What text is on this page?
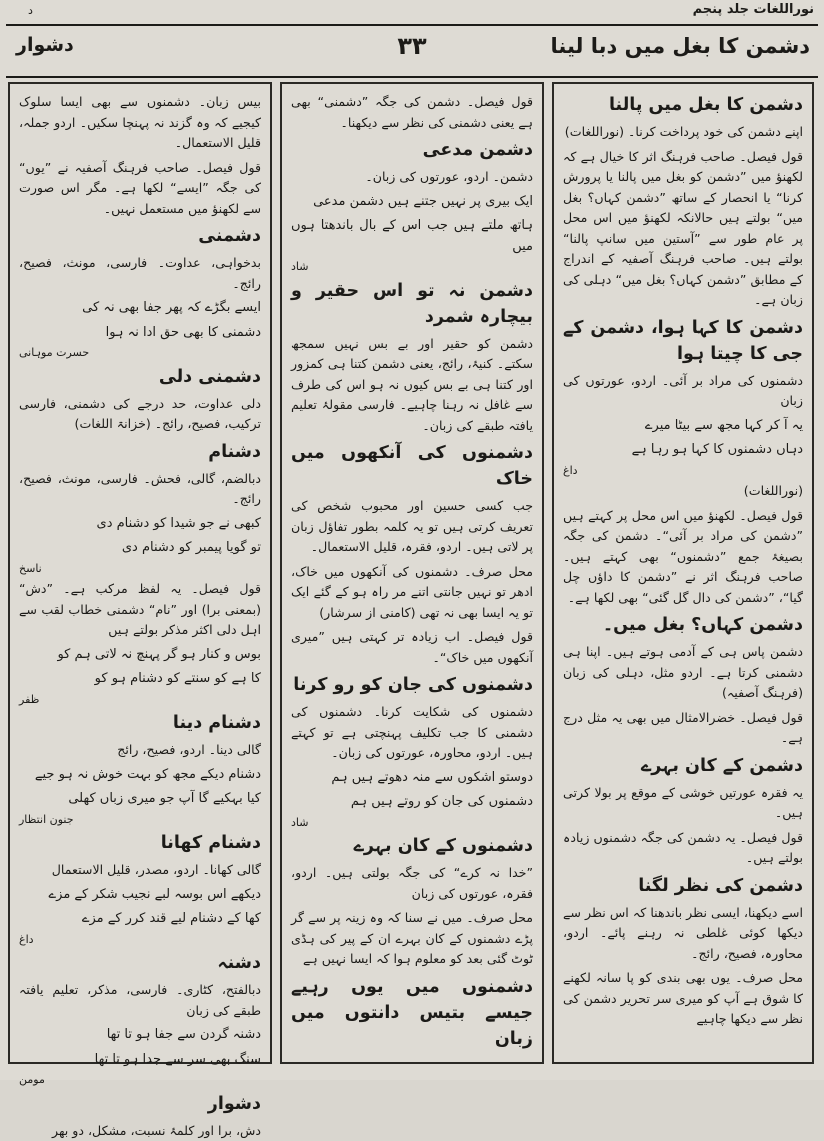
نوراللغات جلد پنجم
د
دشمن کا بغل میں دبا لینا
۳۳
دشوار

دشمن کا بغل میں پالنا

اپنے دشمن کی خود پرداخت کرنا۔ (نوراللغات)

قول فیصل۔ صاحب فرہنگ اثر کا خیال ہے کہ لکھنؤ میں ”دشمن کو بغل میں پالنا یا پرورش کرنا“ یا انحصار کے ساتھ ”دشمن کہاں؟ بغل میں“ بولتے ہیں حالانکہ لکھنؤ میں اس محل پر عام طور سے ”آستین میں سانپ پالنا“ بولتے ہیں۔ صاحب فرہنگ آصفیہ کے اندراج کے مطابق ”دشمن کہاں؟ بغل میں“ دہلی کی زبان ہے۔

دشمن کا کہا ہوا، دشمن کے جی کا چیتا ہوا

دشمنوں کی مراد بر آئی۔ اردو، عورتوں کی زبان

یہ آ کر کہا مجھ سے بیٹا میرے

دہاں دشمنوں کا کہا ہو رہا ہے

داغ

(نوراللغات)

قول فیصل۔ لکھنؤ میں اس محل پر کہتے ہیں ”دشمن کی مراد بر آئی“۔ دشمن کی جگہ بصیغۂ جمع ”دشمنوں“ بھی کہتے ہیں۔ صاحب فرہنگ اثر نے ”دشمن کا داؤں چل گیا“، ”دشمن کی دال گل گئی“ بھی لکھا ہے۔

دشمن کہاں؟ بغل میں۔

دشمن پاس ہی کے آدمی ہوتے ہیں۔ اپنا ہی دشمنی کرتا ہے۔ اردو مثل، دہلی کی زبان (فرہنگ آصفیہ)

قول فیصل۔ خضرالامثال میں بھی یہ مثل درج ہے۔

دشمن کے کان بہرے

یہ فقرہ عورتیں خوشی کے موقع پر بولا کرتی ہیں۔

قول فیصل۔ یہ دشمن کی جگہ دشمنوں زیادہ بولتے ہیں۔

دشمن کی نظر لگنا

اسے دیکھنا، ایسی نظر باندھنا کہ اس نظر سے دیکھا کوئی غلطی نہ رہنے پائے۔ اردو، محاورہ، فصیح، رائج۔

محل صرف۔ یوں بھی بندی کو پا سانہ لکھنے کا شوق ہے آپ کو میری سر تحریر دشمن کی نظر سے دیکھا چاہیے

قول فیصل۔ دشمن کی جگہ ”دشمنی“ بھی ہے یعنی دشمنی کی نظر سے دیکھنا۔

دشمن مدعی

دشمن۔ اردو، عورتوں کی زبان۔

ایک بیری پر نہیں جتنے ہیں دشمن مدعی

ہاتھ ملتے ہیں جب اس کے بال باندھتا ہوں میں

شاد

دشمن نہ تو اس حقیر و بیچارہ شمرد

دشمن کو حقیر اور بے بس نہیں سمجھ سکتے۔ کنیۂ، رائج، یعنی دشمن کتنا ہی کمزور اور کتنا ہی بے بس کیوں نہ ہو اس کی طرف سے غافل نہ رہنا چاہیے۔ فارسی مقولۂ تعلیم یافتہ طبقے کی زبان۔

دشمنوں کی آنکھوں میں خاک

جب کسی حسین اور محبوب شخص کی تعریف کرتی ہیں تو یہ کلمہ بطور تفاؤل زبان پر لاتی ہیں۔ اردو، فقرہ، قلیل الاستعمال۔

محل صرف۔ دشمنوں کی آنکھوں میں خاک، ادھر تو نہیں جانتی اتنے مر راہ ہو کے گئے ایک تو یہ ایسا بھی نہ تھی (کامنی از سرشار)

قول فیصل۔ اب زیادہ تر کہتی ہیں ”میری آنکھوں میں خاک“۔

دشمنوں کی جان کو رو کرنا

دشمنوں کی شکایت کرنا۔ دشمنوں کی دشمنی کا جب تکلیف پہنچتی ہے تو کہتے ہیں۔ اردو، محاورہ، عورتوں کی زبان۔

دوستو اشکوں سے منہ دھوتے ہیں ہم

دشمنوں کی جان کو روتے ہیں ہم

شاد

دشمنوں کے کان بہرے

”خدا نہ کرے“ کی جگہ بولتی ہیں۔ اردو، فقرہ، عورتوں کی زبان

محل صرف۔ میں نے سنا کہ وہ زینہ پر سے گر پڑے دشمنوں کے کان بہرے ان کے پیر کی ہڈی ٹوٹ گئی بعد کو معلوم ہوا کہ ایسا نہیں ہے

دشمنوں میں یوں رہیے جیسے بتیس دانتوں میں زبان

بیس زبان۔ دشمنوں سے بھی ایسا سلوک کیجیے کہ وہ گزند نہ پہنچا سکیں۔ اردو جملہ، قلیل الاستعمال۔

قول فیصل۔ صاحب فرہنگ آصفیہ نے ”یوں“ کی جگہ ”ایسے“ لکھا ہے۔ مگر اس صورت سے لکھنؤ میں مستعمل نہیں۔

دشمنی

بدخواہی، عداوت۔ فارسی، مونث، فصیح، رائج۔

ایسے بگڑے کہ پھر جفا بھی نہ کی

دشمنی کا بھی حق ادا نہ ہوا

حسرت موہانی

دشمنی دلی

دلی عداوت، حد درجے کی دشمنی، فارسی ترکیب، فصیح، رائج۔ (خزانۃ اللغات)

دشنام

دبالضم، گالی، فحش۔ فارسی، مونث، فصیح، رائج۔

کبھی نے جو شیدا کو دشنام دی

تو گویا پیمبر کو دشنام دی

ناسخ

قول فیصل۔ یہ لفظ مرکب ہے۔ ”دش“ (بمعنی برا) اور ”نام“ دشمنی خطاب لقب سے اہل دلی اکثر مذکر بولتے ہیں

بوس و کنار ہو گر پہنچ نہ لاتی ہم کو

کا ہے کو سنتے کو دشنام ہو کو

ظفر

دشنام دینا

گالی دینا۔ اردو، فصیح، رائج

دشنام دیکے مجھ کو بہت خوش نہ ہو جیے

کیا بہکیے گا آپ جو میری زباں کھلی

جنون انتظار

دشنام کھانا

گالی کھانا۔ اردو، مصدر، قلیل الاستعمال

دیکھے اس بوسہ لبے نجیب شکر کے مزے

کھا کے دشنام لیے قند کرر کے مزے

داغ

دشنہ

دبالفتح، کٹاری۔ فارسی، مذکر، تعلیم یافتہ طبقے کی زبان

دشنہ گردن سے جفا ہو تا تھا

سنگ بھی سر سے جدا ہو تا تھا

مومن

دشوار

دش، برا اور کلمۂ نسبت، مشکل، دو بھر
